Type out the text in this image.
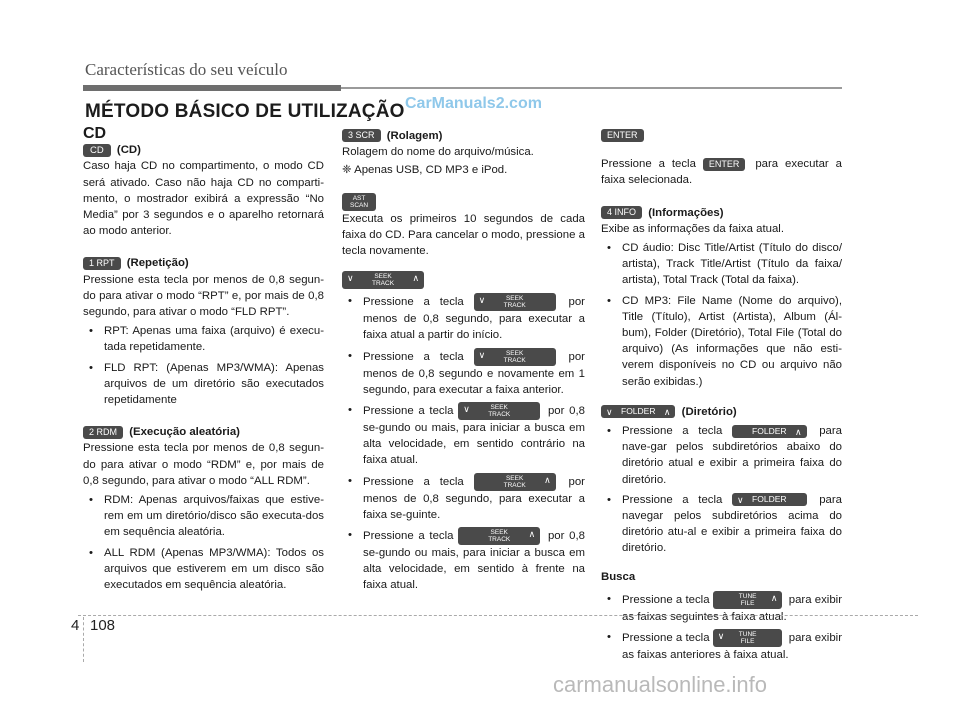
Características do seu veículo
MÉTODO BÁSICO DE UTILIZAÇÃO CarManuals2.com

CD

CD (CD)

Caso haja CD no compartimento, o modo CD será ativado. Caso não haja CD no comparti-mento, o mostrador exibirá a expressão “No Media” por 3 segundos e o aparelho retornará ao modo anterior.

1 RPT (Repetição)

Pressione esta tecla por menos de 0,8 segun-do para ativar o modo “RPT” e, por mais de 0,8 segundo, para ativar o modo “FLD RPT”.

• RPT: Apenas uma faixa (arquivo) é execu-tada repetidamente.
• FLD RPT: (Apenas MP3/WMA): Apenas arquivos de um diretório são executados repetidamente

2 RDM (Execução aleatória)

Pressione esta tecla por menos de 0,8 segun-do para ativar o modo “RDM” e, por mais de 0,8 segundo, para ativar o modo “ALL RDM”.

• RDM: Apenas arquivos/faixas que estive-rem em um diretório/disco são executa-dos em sequência aleatória.
• ALL RDM (Apenas MP3/WMA): Todos os arquivos que estiverem em um disco são executados em sequência aleatória.

3 SCR (Rolagem)

Rolagem do nome do arquivo/música.

❈ Apenas USB, CD MP3 e iPod.

AST
SCAN

Executa os primeiros 10 segundos de cada faixa do CD. Para cancelar o modo, pressione a tecla novamente.

∨	SEEK
TRACK
∧

• Pressione a tecla ∨	SEEK
TRACK	por menos de 0,8 segundo, para executar a faixa atual a partir do início.
• Pressione a tecla ∨	SEEK
TRACK	por menos de 0,8 segundo e novamente em 1 segundo, para executar a faixa anterior.
• Pressione a tecla ∨	SEEK
TRACK	por 0,8 se-gundo ou mais, para iniciar a busca em alta velocidade, em sentido contrário na faixa atual.
• Pressione a tecla	SEEK
TRACK
∧ por menos de 0,8 segundo, para executar a faixa se-guinte.
• Pressione a tecla	SEEK
TRACK
∧ por 0,8 se-gundo ou mais, para iniciar a busca em alta velocidade, em sentido à frente na faixa atual.

ENTER

Pressione a tecla ENTER para executar a faixa selecionada.

4 INFO (Informações)

Exibe as informações da faixa atual.

• CD áudio: Disc Title/Artist (Título do disco/ artista), Track Title/Artist (Título da faixa/ artista), Total Track (Total da faixa).
• CD MP3: File Name (Nome do arquivo), Title (Título), Artist (Artista), Album (Ál-bum), Folder (Diretório), Total File (Total do arquivo) (As informações que não esti-verem disponíveis no CD ou arquivo não serão exibidas.)

∨ FOLDER ∧ (Diretório)

• Pressione a tecla	FOLDER ∧ para nave-gar pelos subdiretórios abaixo do diretório atual e exibir a primeira faixa do diretório.
• Pressione a tecla ∨ FOLDER	para navegar pelos subdiretórios acima do diretório atu-al e exibir a primeira faixa do diretório.

Busca

• Pressione a tecla	TUNE
FILE
∧ para exibir as faixas seguintes à faixa atual.
• Pressione a tecla ∨ TUNE
FILE	para exibir as faixas anteriores à faixa atual.
4 108
carmanualsonline.info
